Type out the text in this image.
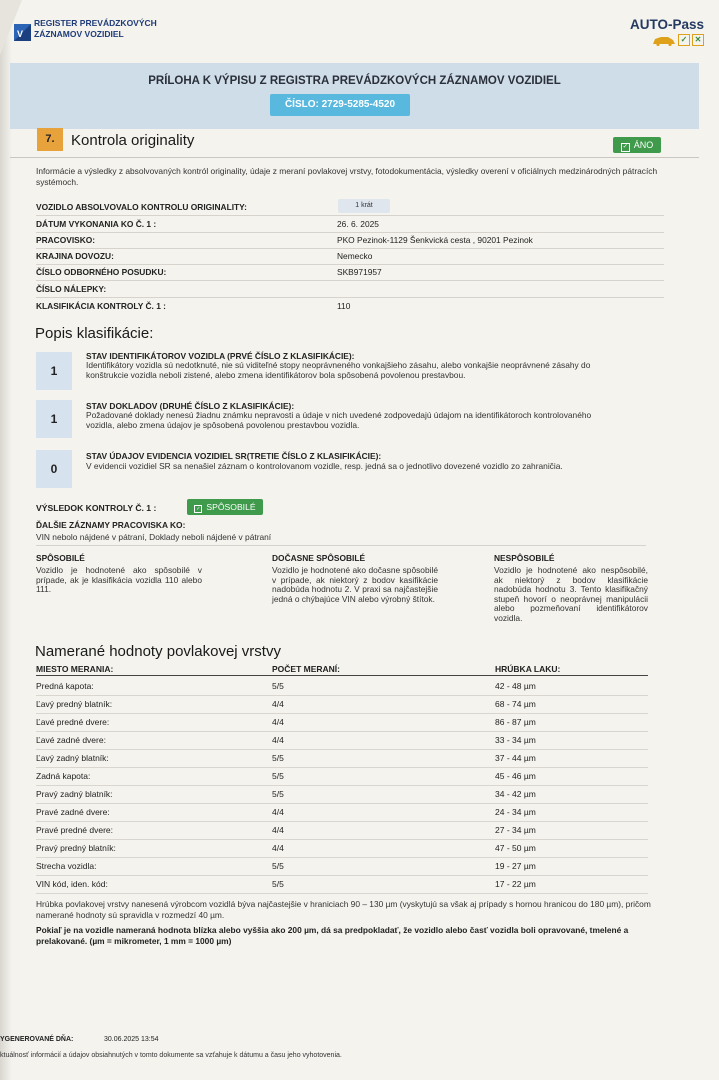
V
REGISTER PREVÁDZKOVÝCH
ZÁZNAMOV VOZIDIEL
AUTO-Pass
✓ ✕
PRÍLOHA K VÝPISU Z REGISTRA PREVÁDZKOVÝCH ZÁZNAMOV VOZIDIEL
ČÍSLO: 2729-5285-4520
7.	Kontrola originality	✓ ÁNO
Informácie a výsledky z absolvovaných kontról originality, údaje z meraní povlakovej vrstvy, fotodokumentácia, výsledky overení v oficiálnych medzinárodných pátracích systémoch.
VOZIDLO ABSOLVOVALO KONTROLU ORIGINALITY:	1 krát
DÁTUM VYKONANIA KO Č. 1 :	26. 6. 2025
PRACOVISKO:	PKO Pezinok-1129 Šenkvická cesta , 90201 Pezinok
KRAJINA DOVOZU:	Nemecko
ČÍSLO ODBORNÉHO POSUDKU:	SKB971957
ČÍSLO NÁLEPKY:
KLASIFIKÁCIA KONTROLY Č. 1 :	110
Popis klasifikácie:
1
STAV IDENTIFIKÁTOROV VOZIDLA (PRVÉ ČÍSLO Z KLASIFIKÁCIE):
Identifikátory vozidla sú nedotknuté, nie sú viditeľné stopy neoprávneného vonkajšieho zásahu, alebo vonkajšie neoprávnené zásahy do konštrukcie vozidla neboli zistené, alebo zmena identifikátorov bola spôsobená povolenou prestavbou.
1
STAV DOKLADOV (DRUHÉ ČÍSLO Z KLASIFIKÁCIE):
Požadované doklady nenesú žiadnu známku nepravosti a údaje v nich uvedené zodpovedajú údajom na identifikátoroch kontrolovaného vozidla, alebo zmena údajov je spôsobená povolenou prestavbou vozidla.
0
STAV ÚDAJOV EVIDENCIA VOZIDIEL SR(TRETIE ČÍSLO Z KLASIFIKÁCIE):
V evidencii vozidiel SR sa nenašiel záznam o kontrolovanom vozidle, resp. jedná sa o jednotlivo dovezené vozidlo zo zahraničia.
VÝSLEDOK KONTROLY Č. 1 :	✓ SPÔSOBILÉ
ĎALŠIE ZÁZNAMY PRACOVISKA KO:
VIN nebolo nájdené v pátraní, Doklady neboli nájdené v pátraní
SPÔSOBILÉ
Vozidlo je hodnotené ako spôsobilé v prípade, ak je klasifikácia vozidla 110 alebo 111.
DOČASNE SPÔSOBILÉ
Vozidlo je hodnotené ako dočasne spôsobilé v prípade, ak niektorý z bodov kasifikácie nadobúda hodnotu 2. V praxi sa najčastejšie jedná o chýbajúce VIN alebo výrobný štítok.
NESPÔSOBILÉ
Vozidlo je hodnotené ako nespôsobilé, ak niektorý z bodov klasifikácie nadobúda hodnotu 3. Tento klasifikačný stupeň hovorí o neoprávnej manipulácii alebo pozmeňovaní identifikátorov vozidla.
Namerané hodnoty povlakovej vrstvy
MIESTO MERANIA:	POČET MERANÍ:	HRÚBKA LAKU:
Predná kapota:	5/5	42 - 48 µm
Ľavý predný blatník:	4/4	68 - 74 µm
Ľavé predné dvere:	4/4	86 - 87 µm
Ľavé zadné dvere:	4/4	33 - 34 µm
Ľavý zadný blatník:	5/5	37 - 44 µm
Zadná kapota:	5/5	45 - 46 µm
Pravý zadný blatník:	5/5	34 - 42 µm
Pravé zadné dvere:	4/4	24 - 34 µm
Pravé predné dvere:	4/4	27 - 34 µm
Pravý predný blatník:	4/4	47 - 50 µm
Strecha vozidla:	5/5	19 - 27 µm
VIN kód, iden. kód:	5/5	17 - 22 µm
Hrúbka povlakovej vrstvy nanesená výrobcom vozidlá býva najčastejšie v hraniciach 90 – 130 µm (vyskytujú sa však aj prípady s hornou hranicou do 180 µm), pričom namerané hodnoty sú spravidla v rozmedzí 40 µm.
Pokiaľ je na vozidle nameraná hodnota blízka alebo vyššia ako 200 µm, dá sa predpokladať, že vozidlo alebo časť vozidla boli opravované, tmelené a prelakované. (µm = mikrometer, 1 mm = 1000 µm)
YGENEROVANÉ DŇA:	30.06.2025 13:54
ktuálnosť informácií a údajov obsiahnutých v tomto dokumente sa vzťahuje k dátumu a času jeho vyhotovenia.
